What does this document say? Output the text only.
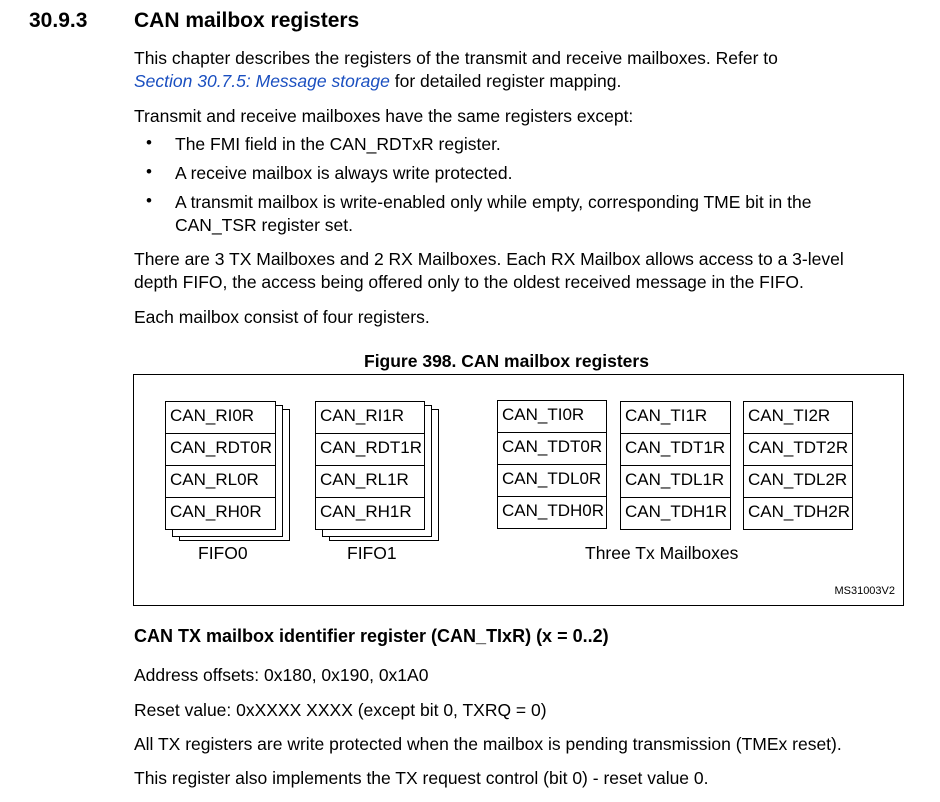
30.9.3 CAN mailbox registers
This chapter describes the registers of the transmit and receive mailboxes. Refer to
Section 30.7.5: Message storage for detailed register mapping.
Transmit and receive mailboxes have the same registers except:
• The FMI field in the CAN_RDTxR register.
• A receive mailbox is always write protected.
• A transmit mailbox is write-enabled only while empty, corresponding TME bit in the
CAN_TSR register set.
There are 3 TX Mailboxes and 2 RX Mailboxes. Each RX Mailbox allows access to a 3-level
depth FIFO, the access being offered only to the oldest received message in the FIFO.
Each mailbox consist of four registers.
Figure 398. CAN mailbox registers
CAN_RI0R
CAN_RDT0R
CAN_RL0R
CAN_RH0R
FIFO0
CAN_RI1R
CAN_RDT1R
CAN_RL1R
CAN_RH1R
FIFO1
CAN_TI0R
CAN_TDT0R
CAN_TDL0R
CAN_TDH0R
CAN_TI1R
CAN_TDT1R
CAN_TDL1R
CAN_TDH1R
CAN_TI2R
CAN_TDT2R
CAN_TDL2R
CAN_TDH2R
Three Tx Mailboxes
MS31003V2
CAN TX mailbox identifier register (CAN_TIxR) (x = 0..2)
Address offsets: 0x180, 0x190, 0x1A0
Reset value: 0xXXXX XXXX (except bit 0, TXRQ = 0)
All TX registers are write protected when the mailbox is pending transmission (TMEx reset).
This register also implements the TX request control (bit 0) - reset value 0.
